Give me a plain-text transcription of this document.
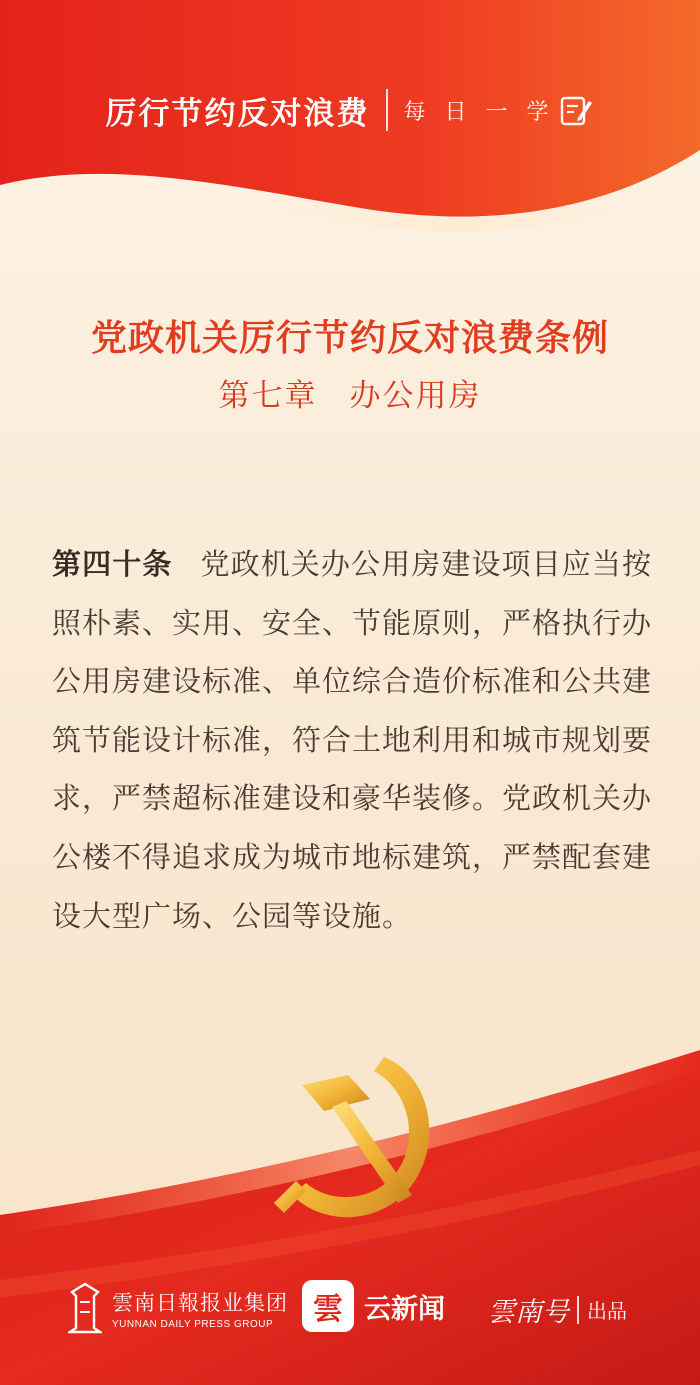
厉行节约反对浪费 每 日 一 学
党政机关厉行节约反对浪费条例
第七章 办公用房
第四十条 党政机关办公用房建设项目应当按照朴素、实用、安全、节能原则，严格执行办公用房建设标准、单位综合造价标准和公共建筑节能设计标准，符合土地利用和城市规划要求，严禁超标准建设和豪华装修。党政机关办公楼不得追求成为城市地标建筑，严禁配套建设大型广场、公园等设施。
雲南日報报业集团
YUNNAN DAILY PRESS GROUP	雲 云新闻 雲南号 出品
